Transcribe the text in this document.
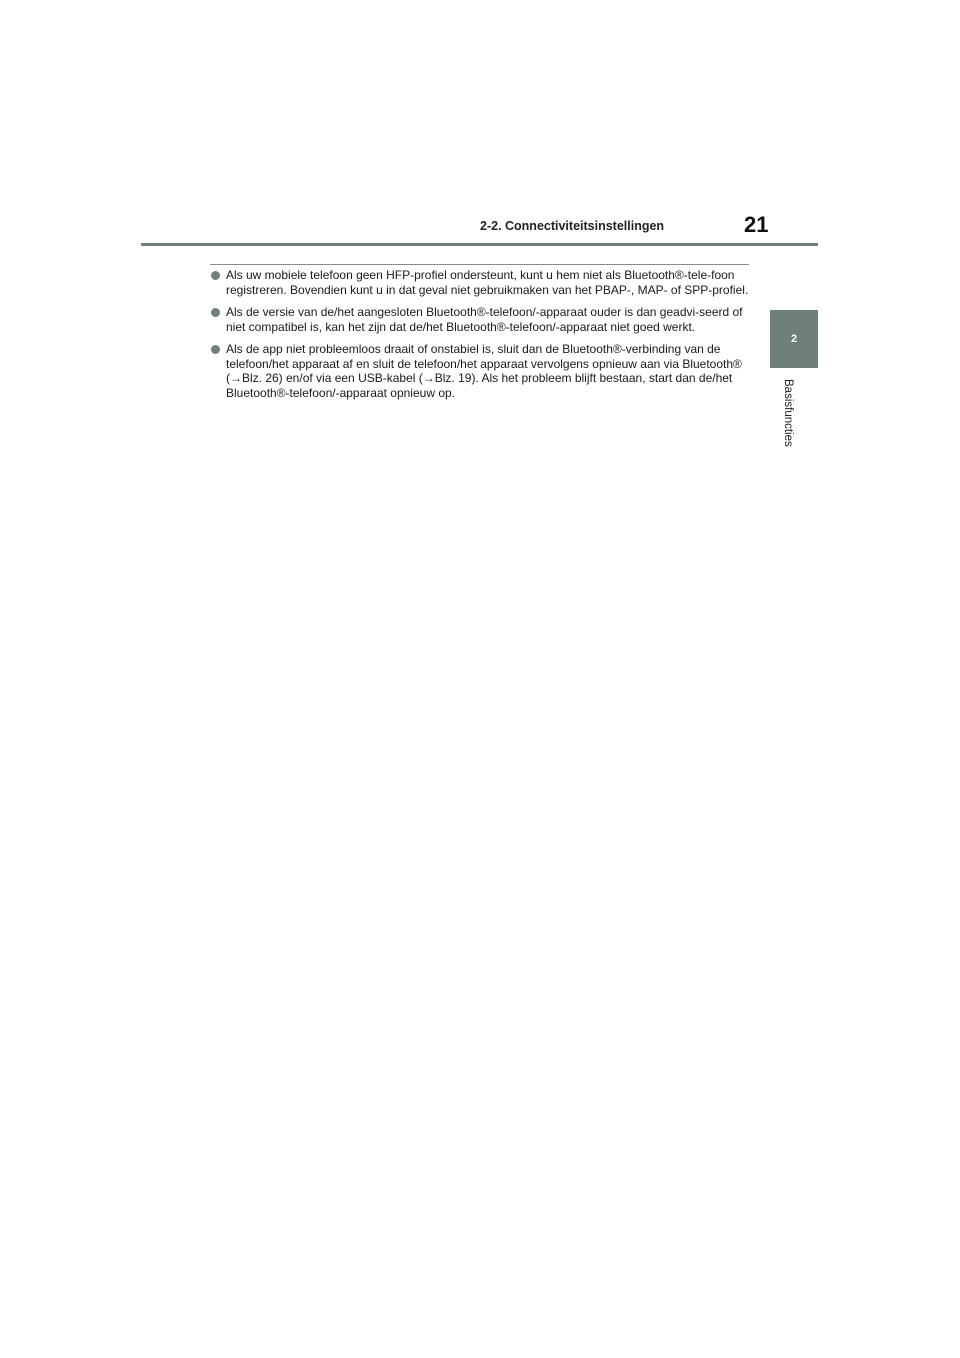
2-2. Connectiviteitsinstellingen	21
2
Basisfuncties
Als uw mobiele telefoon geen HFP-profiel ondersteunt, kunt u hem niet als Bluetooth®-tele-foon registreren. Bovendien kunt u in dat geval niet gebruikmaken van het PBAP-, MAP- of SPP-profiel.
Als de versie van de/het aangesloten Bluetooth®-telefoon/-apparaat ouder is dan geadvi-seerd of niet compatibel is, kan het zijn dat de/het Bluetooth®-telefoon/-apparaat niet goed werkt.
Als de app niet probleemloos draait of onstabiel is, sluit dan de Bluetooth®-verbinding van de telefoon/het apparaat af en sluit de telefoon/het apparaat vervolgens opnieuw aan via Bluetooth® (→Blz. 26) en/of via een USB-kabel (→Blz. 19). Als het probleem blijft bestaan, start dan de/het Bluetooth®-telefoon/-apparaat opnieuw op.
